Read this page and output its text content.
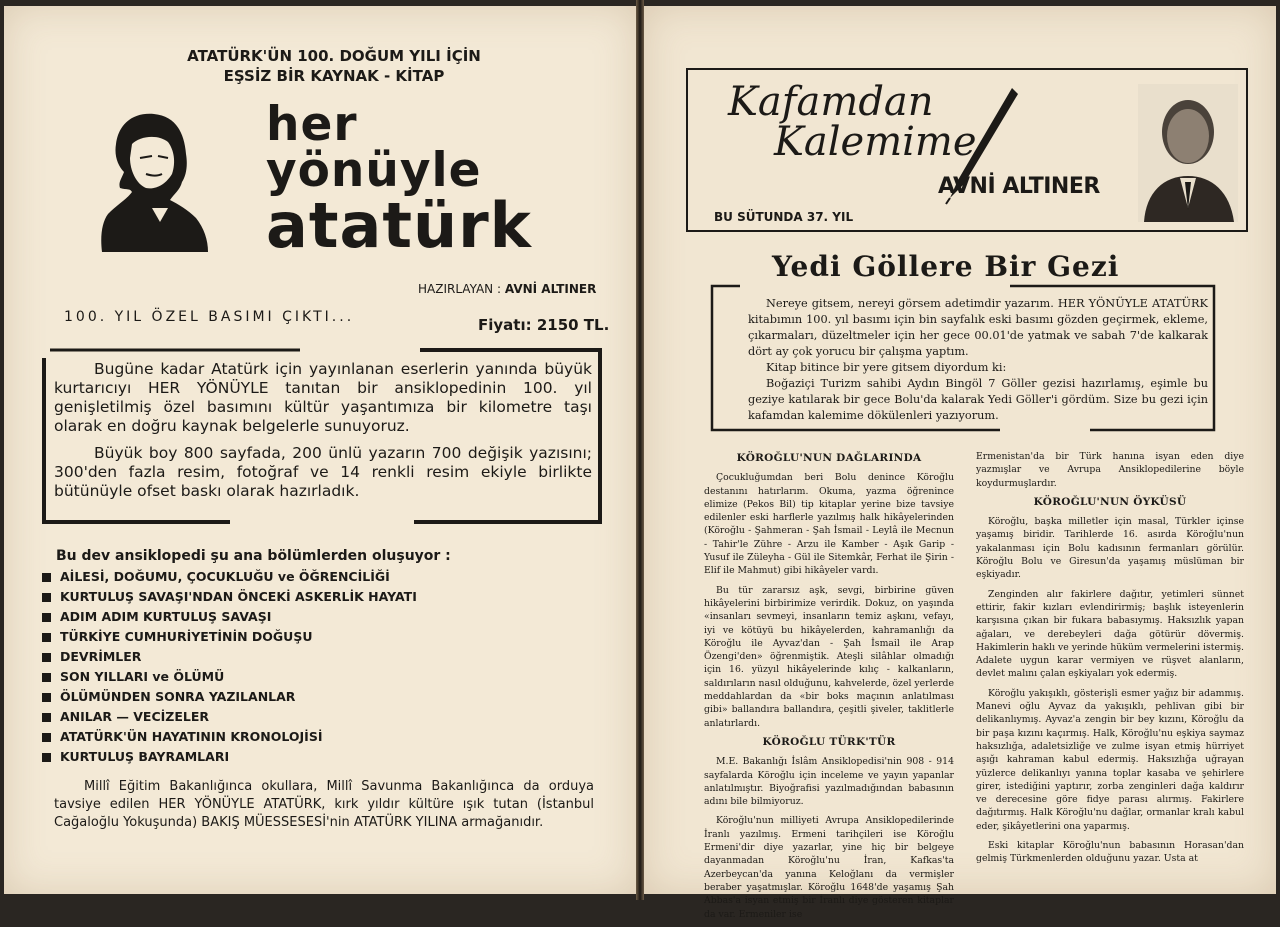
ATATÜRK'ÜN 100. DOĞUM YILI İÇİN
EŞSİZ BİR KAYNAK - KİTAP
her
yönüyle
atatürk
HAZIRLAYAN : AVNİ ALTINER
100. YIL ÖZEL BASIMI ÇIKTI...	Fiyatı: 2150 TL.

Bugüne kadar Atatürk için yayınlanan eserlerin yanında büyük kurtarıcıyı HER YÖNÜYLE tanıtan bir ansiklopedinin 100. yıl genişletilmiş özel basımını kültür yaşantımıza bir kilometre taşı olarak en doğru kaynak belgelerle sunuyoruz.

Büyük boy 800 sayfada, 200 ünlü yazarın 700 değişik yazısını; 300'den fazla resim, fotoğraf ve 14 renkli resim ekiyle birlikte bütünüyle ofset baskı olarak hazırladık.

Bu dev ansiklopedi şu ana bölümlerden oluşuyor :
AİLESİ, DOĞUMU, ÇOCUKLUĞU ve ÖĞRENCİLİĞİ
KURTULUŞ SAVAŞI'NDAN ÖNCEKİ ASKERLİK HAYATI
ADIM ADIM KURTULUŞ SAVAŞI
TÜRKİYE CUMHURİYETİNİN DOĞUŞU
DEVRİMLER
SON YILLARI ve ÖLÜMÜ
ÖLÜMÜNDEN SONRA YAZILANLAR
ANILAR — VECİZELER
ATATÜRK'ÜN HAYATININ KRONOLOJİSİ
KURTULUŞ BAYRAMLARI
Millî Eğitim Bakanlığınca okullara, Millî Savunma Bakanlığınca da orduya tavsiye edilen HER YÖNÜYLE ATATÜRK, kırk yıldır kültüre ışık tutan (İstanbul Cağaloğlu Yokuşunda) BAKIŞ MÜESSESESİ'nin ATATÜRK YILINA armağanıdır.
Kafamdan
Kalemime
AVNİ ALTINER
BU SÜTUNDA 37. YIL
Yedi Göllere Bir Gezi

Nereye gitsem, nereyi görsem adetimdir yazarım. HER YÖNÜYLE ATATÜRK kitabımın 100. yıl basımı için bin sayfalık eski basımı gözden geçirmek, ekleme, çıkarmaları, düzeltmeler için her gece 00.01'de yatmak ve sabah 7'de kalkarak dört ay çok yorucu bir çalışma yaptım.

Kitap bitince bir yere gitsem diyordum ki:

Boğaziçi Turizm sahibi Aydın Bingöl 7 Göller gezisi hazırlamış, eşimle bu geziye katılarak bir gece Bolu'da kalarak Yedi Göller'i gördüm. Size bu gezi için kafamdan kalemime dökülenleri yazıyorum.

KÖROĞLU'NUN DAĞLARINDA

Çocukluğumdan beri Bolu denince Köroğlu destanını hatırlarım. Okuma, yazma öğrenince elimize (Pekos Bil) tip kitaplar yerine bize tavsiye edilenler eski harflerle yazılmış halk hikâyelerinden (Köroğlu - Şahmeran - Şah İsmail - Leylâ ile Mecnun - Tahir'le Zühre - Arzu ile Kamber - Aşık Garip - Yusuf ile Züleyha - Gül ile Sitemkâr, Ferhat ile Şirin - Elif ile Mahmut) gibi hikâyeler vardı.

Bu tür zararsız aşk, sevgi, birbirine güven hikâyelerini birbirimize verirdik. Dokuz, on yaşında «insanları sevmeyi, insanların temiz aşkını, vefayı, iyi ve kötüyü bu hikâyelerden, kahramanlığı da Köroğlu ile Ayvaz'dan - Şah İsmail ile Arap Özengi'den» öğrenmiştik. Ateşli silâhlar olmadığı için 16. yüzyıl hikâyelerinde kılıç - kalkanların, saldırıların nasıl olduğunu, kahvelerde, özel yerlerde meddahlardan da «bir boks maçının anlatılması gibi» ballandıra ballandıra, çeşitli şiveler, taklitlerle anlatırlardı.

KÖROĞLU TÜRK'TÜR

M.E. Bakanlığı İslâm Ansiklopedisi'nin 908 - 914 sayfalarda Köroğlu için inceleme ve yayın yapanlar anlatılmıştır. Biyoğrafisi yazılmadığından babasının adını bile bilmiyoruz.

Köroğlu'nun milliyeti Avrupa Ansiklopedilerinde İranlı yazılmış. Ermeni tarihçileri ise Köroğlu Ermeni'dir diye yazarlar, yine hiç bir belgeye dayanmadan Köroğlu'nu İran, Kafkas'ta Azerbeycan'da yanına Keloğlanı da vermişler beraber yaşatmışlar. Köroğlu 1648'de yaşamış Şah Abbas'a isyan etmiş bir İranlı diye gösteren kitaplar da var. Ermeniler ise

Ermenistan'da bir Türk hanına isyan eden diye yazmışlar ve Avrupa Ansiklopedilerine böyle koydurmuşlardır.

KÖROĞLU'NUN ÖYKÜSÜ

Köroğlu, başka milletler için masal, Türkler içinse yaşamış biridir. Tarihlerde 16. asırda Köroğlu'nun yakalanması için Bolu kadısının fermanları görülür. Köroğlu Bolu ve Giresun'da yaşamış müslüman bir eşkiyadır.

Zenginden alır fakirlere dağıtır, yetimleri sünnet ettirir, fakir kızları evlendirirmiş; başlık isteyenlerin karşısına çıkan bir fukara babasıymış. Haksızlık yapan ağaları, ve derebeyleri dağa götürür dövermiş. Hakimlerin haklı ve yerinde hüküm vermelerini istermiş. Adalete uygun karar vermiyen ve rüşvet alanların, devlet malını çalan eşkiyaları yok edermiş.

Köroğlu yakışıklı, gösterişli esmer yağız bir adammış. Manevi oğlu Ayvaz da yakışıklı, pehlivan gibi bir delikanlıymış. Ayvaz'a zengin bir bey kızını, Köroğlu da bir paşa kızını kaçırmış. Halk, Köroğlu'nu eşkiya saymaz haksızlığa, adaletsizliğe ve zulme isyan etmiş hürriyet aşığı kahraman kabul edermiş. Haksızlığa uğrayan yüzlerce delikanlıyı yanına toplar kasaba ve şehirlere girer, istediğini yaptırır, zorba zenginleri dağa kaldırır ve derecesine göre fidye parası alırmış. Fakirlere dağıtırmış. Halk Köroğlu'nu dağlar, ormanlar kralı kabul eder, şikâyetlerini ona yaparmış.

Eski kitaplar Köroğlu'nun babasının Horasan'dan gelmiş Türkmenlerden olduğunu yazar. Usta at
